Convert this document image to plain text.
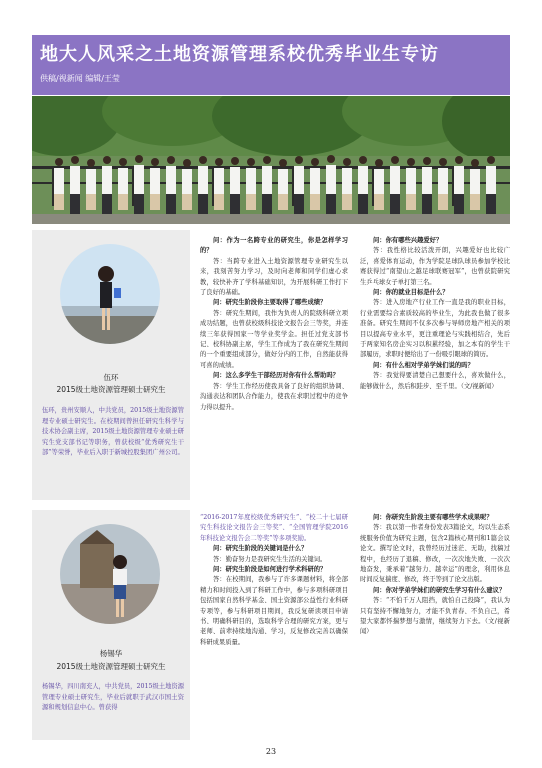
地大人风采之土地资源管理系校优秀毕业生专访
供稿/视新闻 编辑/王莹
伍环
2015级土地资源管理硕士研究生
伍环，贵州安顺人，中共党员，2015级土地资源管理专业硕士研究生。在校期间曾担任研究生科学与技术协会副主席，2015级土地资源管理专业硕士研究生党支部书记等职务，曾获校级“优秀研究生干部”等荣誉，毕业后入职于新城控股集团广州公司。

问：作为一名跨专业的研究生，你是怎样学习的？

答：当跨专业进入土地资源管理专业研究生以来，我刻苦努力学习，及时向老师和同学们虚心求教，较快补齐了学科基础知识，为开展科研工作打下了良好的基础。

问：研究生阶段你主要取得了哪些成绩？

答：研究生期间，我作为负责人的院级科研立项成功结题，也曾获校级科技论文报告会三等奖，并连续三年获得国家一等学业奖学金。担任过党支部书记、校科协副主席，学生工作成为了我在研究生期间的一个重要组成部分，做好分内的工作，自然能获得可喜的成绩。

问：这么多学生干部经历对你有什么帮助吗？

答：学生工作经历使我具备了良好的组织协调、沟通表达和团队合作能力，使我在求职过程中的竞争力得以提升。

问：你有哪些兴趣爱好？

答：我性格比较活泼开朗，兴趣爱好也比较广泛，喜爱体育运动，作为学院足球队球员参加学校比赛获得过“南望山之越足球联赛冠军”，也曾获院研究生乒乓球女子单打第三名。

问：你的就业目标是什么？

答：进入房地产行业工作一直是我的职业目标，行业需要综合素质较高的毕业生，为此我也做了很多准备。研究生期间不仅多次参与导师房地产相关的项目以提高专业水平，更注重理论与实践相结合，先后于两家知名房企实习以积累经验，加之本有的学生干部履历，求职时便给出了一份吸引眼球的简历。

问：有什么相对学弟学妹们说的吗？

答：我觉得要清楚自己想要什么，喜欢做什么，能够做什么，然后积跬步、至千里。（文/视新闻）

杨锡华
2015级土地资源管理硕士研究生
杨锡华，四川南充人，中共党员，2015级土地资源管理专业硕士研究生，毕业后就职于武汉市国土资源和规划信息中心。曾获得

“2016-2017年度校级优秀研究生”、“校二十七届研究生科技论文报告会三等奖”、“全国管理学院2016年科技论文报告会二等奖”等多项奖励。

问：研究生阶段的关键词是什么？

答：勤奋努力是我研究生生活的关键词。

问：研究生阶段是如何进行学术科研的？

答：在校期间，我参与了许多课题材料，将全部精力和时间投入到了科研工作中，参与多项科研项目包括国家自然科学基金、国土资源部公益性行业科研专项等，参与科研项目期间，我反复研读项目申请书、明确科研目的，选取科学合理的研究方案，更与老师、前辈持续地沟通、学习，反复修改完善以确保科研成果质量。

问：你研究生阶段主要有哪些学术成果呢？

答：我以第一作者身份发表3篇论文，均以生态系统服务价值为研究主题，包含2篇核心期刊和1篇会议论文。撰写论文时，我曾经历过迷茫、无助，找稿过程中，也经历了退稿、修改，一次次地失败、一次次地奋发，秉承着“越努力、越幸运”的理念，利用休息时间反复揣度、修改，终于等到了论文出版。

问：你对学弟学妹们的研究生学习有什么建议？

答：“不怕千万人阻挡，就怕自己投降”，我认为只有坚持不懈地努力，才能不负青春、不负自己，希望大家都怀揣梦想与激情，继续努力下去。（文/视新闻）

23
